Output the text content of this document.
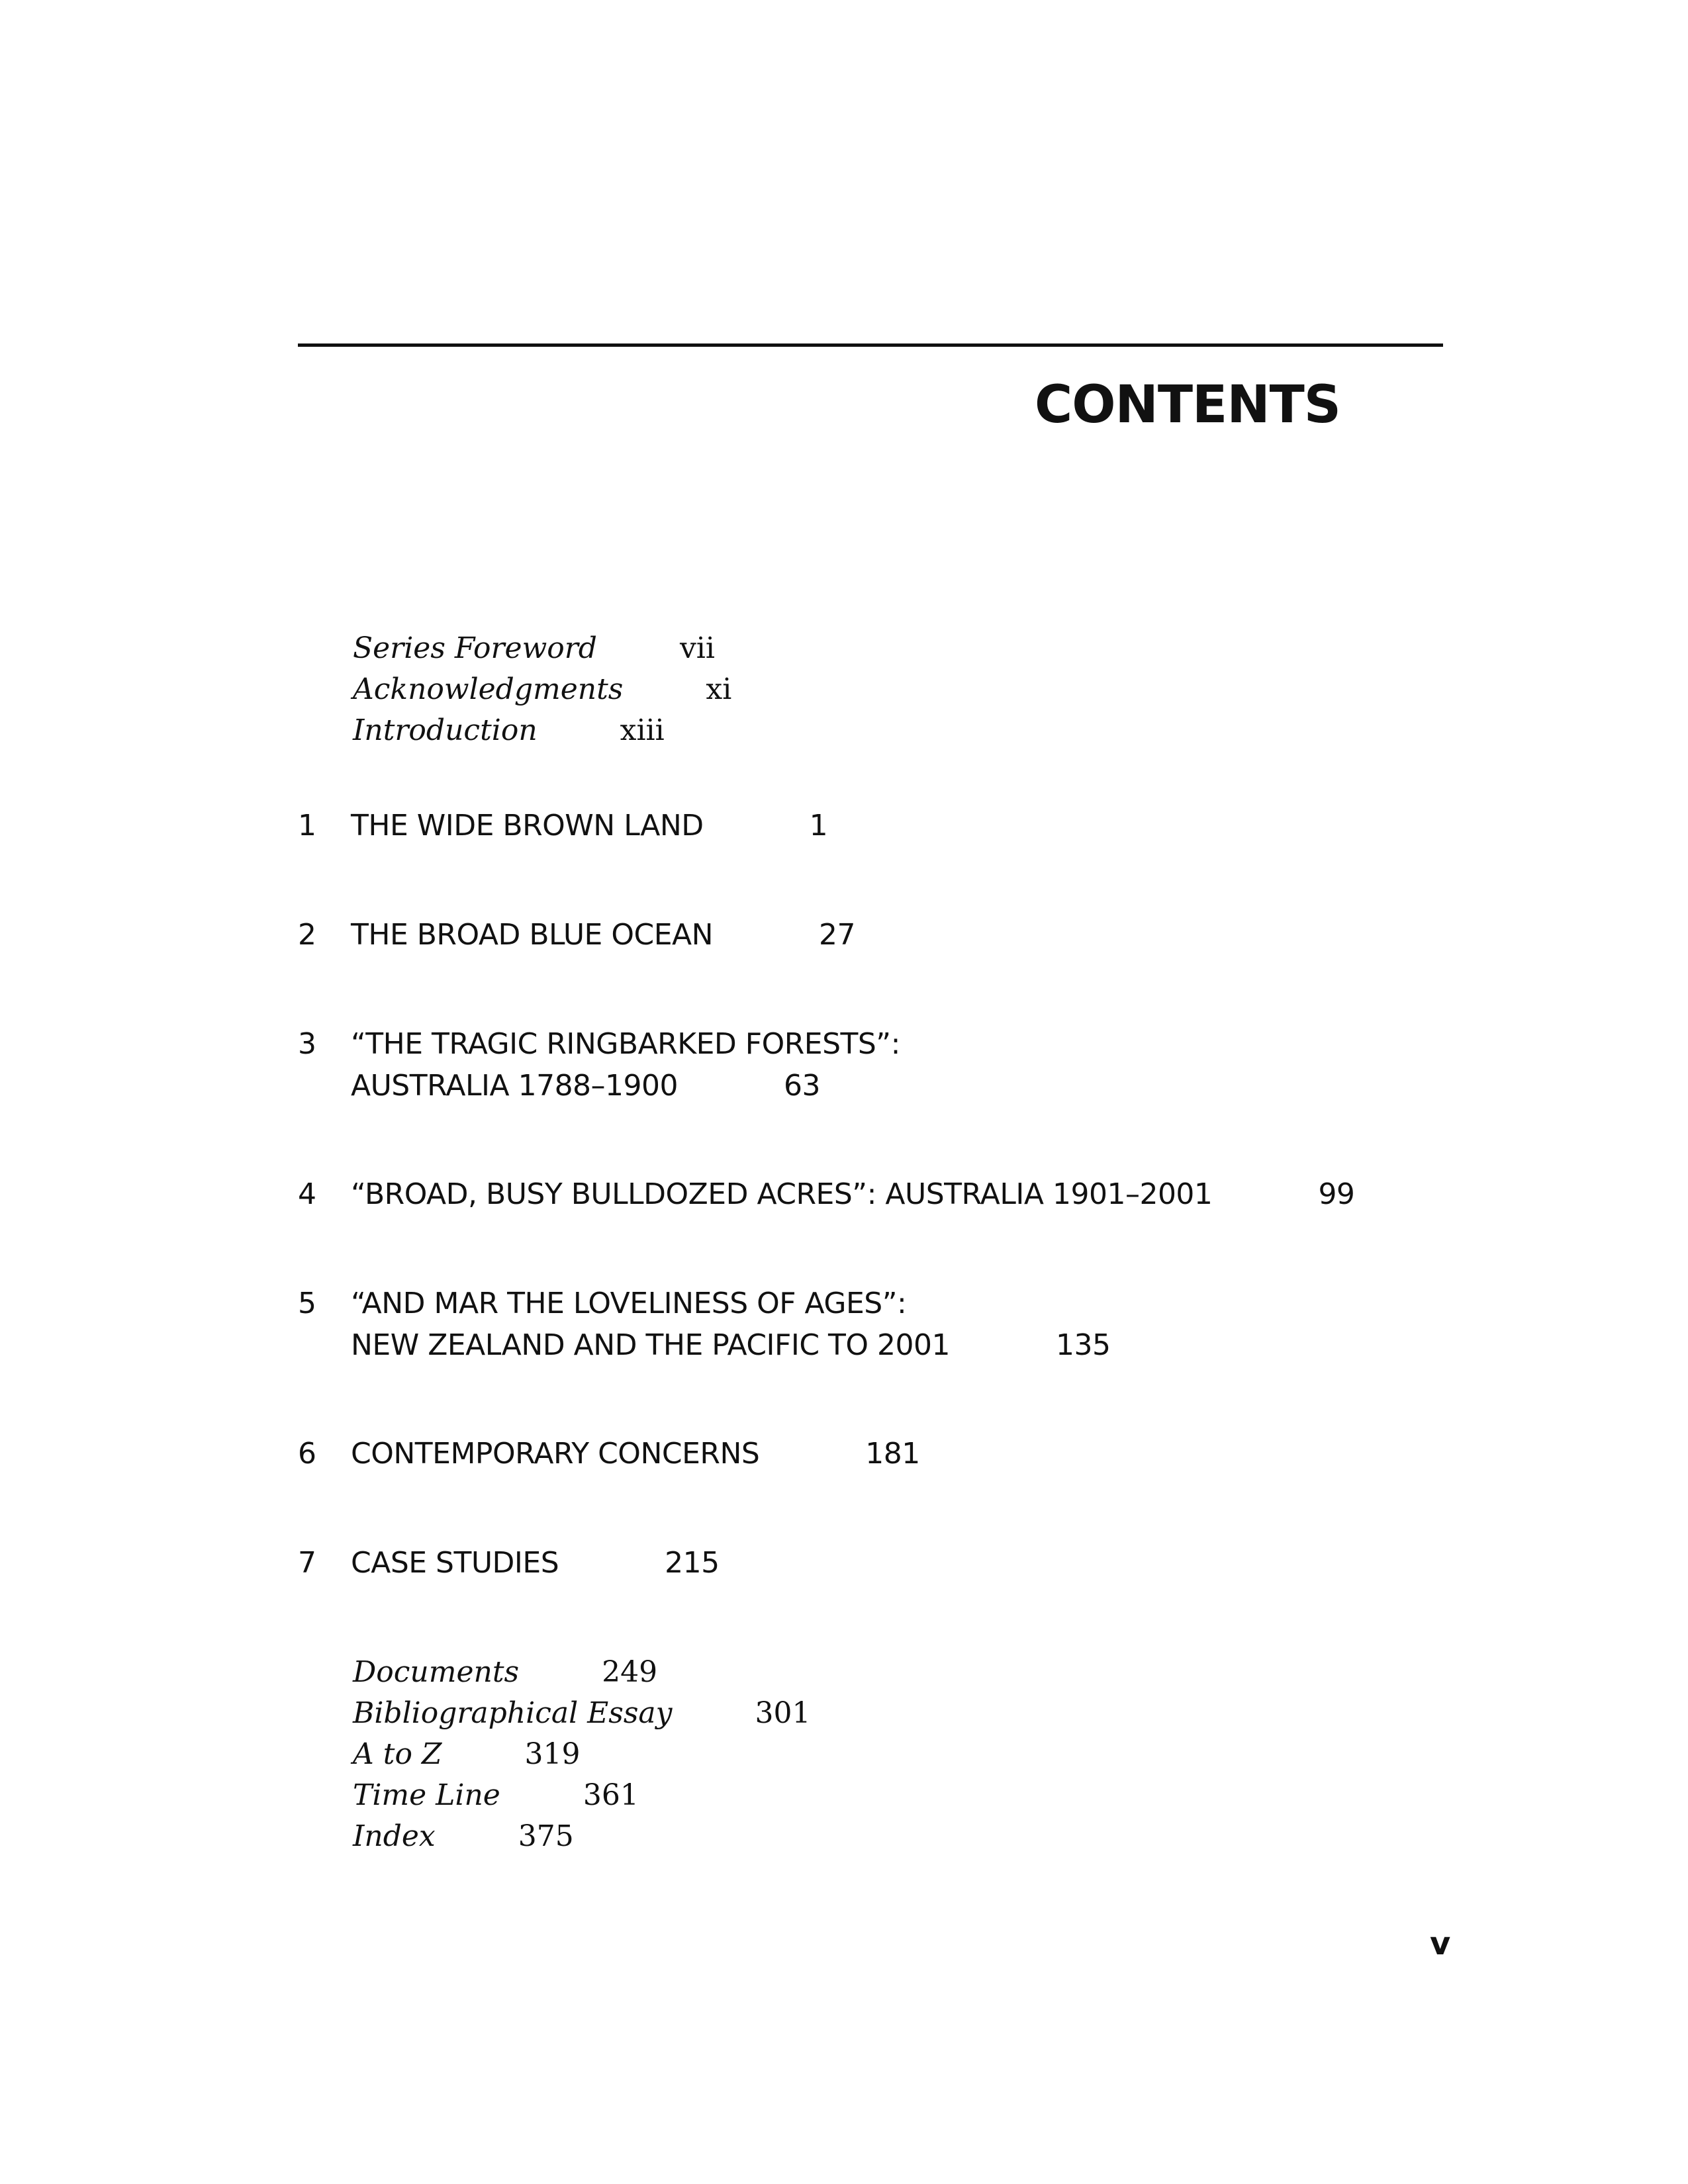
CONTENTS
Series Foreword	vii
Acknowledgments	xi
Introduction	xiii
1 THE WIDE BROWN LAND	1
2 THE BROAD BLUE OCEAN	27
3 “THE TRAGIC RINGBARKED FORESTS”:
AUSTRALIA 1788–1900	63
4 “BROAD, BUSY BULLDOZED ACRES”: AUSTRALIA 1901–2001	99
5 “AND MAR THE LOVELINESS OF AGES”:
NEW ZEALAND AND THE PACIFIC TO 2001	135
6 CONTEMPORARY CONCERNS	181
7 CASE STUDIES	215
Documents	249
Bibliographical Essay	301
A to Z	319
Time Line	361
Index	375
v
